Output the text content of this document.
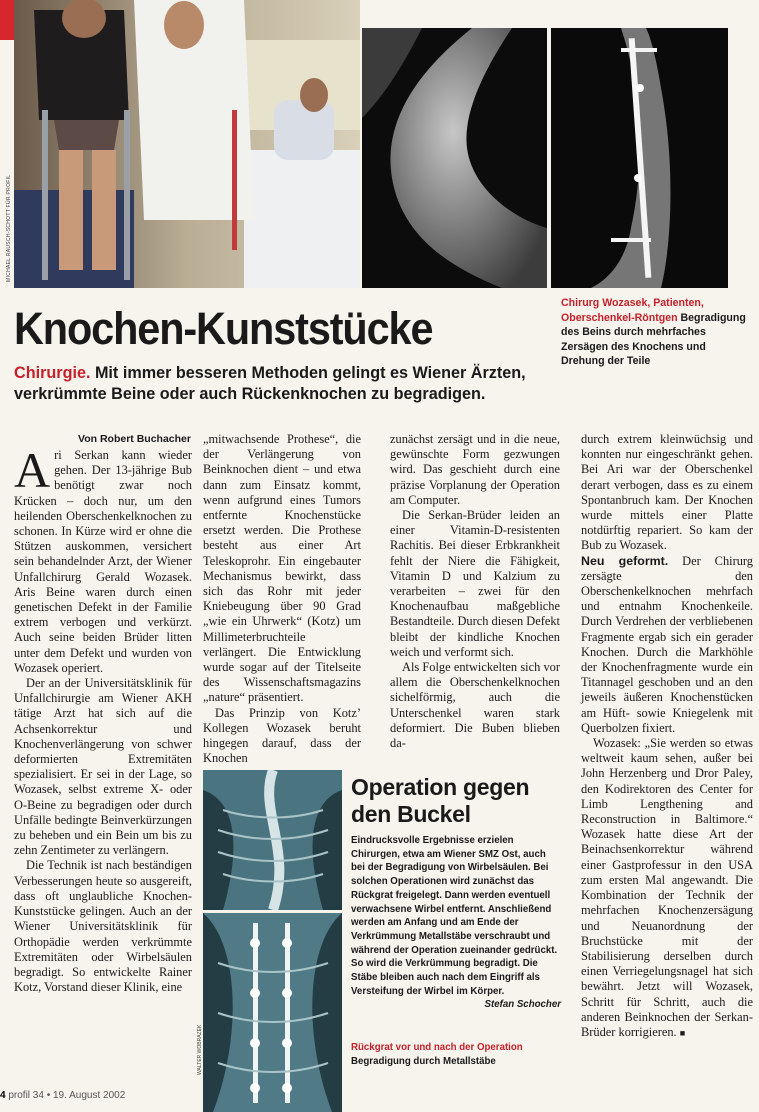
MICHAEL RAUSCH-SCHOTT FÜR PROFIL
Chirurg Wozasek, Patienten, Oberschenkel-Röntgen Begradigung des Beins durch mehrfaches Zersägen des Knochens und Drehung der Teile
Knochen-Kunststücke
Chirurgie. Mit immer besseren Methoden gelingt es Wiener Ärzten, verkrümmte Beine oder auch Rückenknochen zu begradigen.
Von Robert Buchacher

Ari Serkan kann wieder gehen. Der 13-jährige Bub benötigt zwar noch Krücken – doch nur, um den heilenden Oberschenkelknochen zu schonen. In Kürze wird er ohne die Stützen auskommen, versichert sein behandelnder Arzt, der Wiener Unfallchirurg Gerald Wozasek. Aris Beine waren durch einen genetischen Defekt in der Familie extrem verbogen und verkürzt. Auch seine beiden Brüder litten unter dem Defekt und wurden von Wozasek operiert.

Der an der Universitätsklinik für Unfallchirurgie am Wiener AKH tätige Arzt hat sich auf die Achsenkorrektur und Knochenverlängerung von schwer deformierten Extremitäten spezialisiert. Er sei in der Lage, so Wozasek, selbst extreme X- oder O-Beine zu begradigen oder durch Unfälle bedingte Beinverkürzungen zu beheben und ein Bein um bis zu zehn Zentimeter zu verlängern.

Die Technik ist nach beständigen Verbesserungen heute so ausgereift, dass oft unglaubliche Knochen-Kunststücke gelingen. Auch an der Wiener Universitätsklinik für Orthopädie werden verkrümmte Extremitäten oder Wirbelsäulen begradigt. So entwickelte Rainer Kotz, Vorstand dieser Klinik, eine

„mitwachsende Prothese“, die der Verlängerung von Beinknochen dient – und etwa dann zum Einsatz kommt, wenn aufgrund eines Tumors entfernte Knochenstücke ersetzt werden. Die Prothese besteht aus einer Art Teleskoprohr. Ein eingebauter Mechanismus bewirkt, dass sich das Rohr mit jeder Kniebeugung über 90 Grad „wie ein Uhrwerk“ (Kotz) um Millimeterbruchteile verlängert. Die Entwicklung wurde sogar auf der Titelseite des Wissenschaftsmagazins „nature“ präsentiert.

Das Prinzip von Kotz’ Kollegen Wozasek beruht hingegen darauf, dass der Knochen

zunächst zersägt und in die neue, gewünschte Form gezwungen wird. Das geschieht durch eine präzise Vorplanung der Operation am Computer.

Die Serkan-Brüder leiden an einer Vitamin-D-resistenten Rachitis. Bei dieser Erbkrankheit fehlt der Niere die Fähigkeit, Vitamin D und Kalzium zu verarbeiten – zwei für den Knochenaufbau maßgebliche Bestandteile. Durch diesen Defekt bleibt der kindliche Knochen weich und verformt sich.

Als Folge entwickelten sich vor allem die Oberschenkelknochen sichelförmig, auch die Unterschenkel waren stark deformiert. Die Buben blieben da-

durch extrem kleinwüchsig und konnten nur eingeschränkt gehen. Bei Ari war der Oberschenkel derart verbogen, dass es zu einem Spontanbruch kam. Der Knochen wurde mittels einer Platte notdürftig repariert. So kam der Bub zu Wozasek.

Neu geformt. Der Chirurg zersägte den Oberschenkelknochen mehrfach und entnahm Knochenkeile. Durch Verdrehen der verbliebenen Fragmente ergab sich ein gerader Knochen. Durch die Markhöhle der Knochenfragmente wurde ein Titannagel geschoben und an den jeweils äußeren Knochenstücken am Hüft- sowie Kniegelenk mit Querbolzen fixiert.

Wozasek: „Sie werden so etwas weltweit kaum sehen, außer bei John Herzenberg und Dror Paley, den Kodirektoren des Center for Limb Lengthening and Reconstruction in Baltimore.“ Wozasek hatte diese Art der Beinachsenkorrektur während einer Gastprofessur in den USA zum ersten Mal angewandt. Die Kombination der Technik der mehrfachen Knochenzersägung und Neuanordnung der Bruchstücke mit der Stabilisierung derselben durch einen Verriegelungsnagel hat sich bewährt. Jetzt will Wozasek, Schritt für Schritt, auch die anderen Beinknochen der Serkan-Brüder korrigieren. ■

WALTER WOBRAZEK
Operation gegen den Buckel
Eindrucksvolle Ergebnisse erzielen Chirurgen, etwa am Wiener SMZ Ost, auch bei der Begradigung von Wirbelsäulen. Bei solchen Operationen wird zunächst das Rückgrat freigelegt. Dann werden eventuell verwachsene Wirbel entfernt. Anschließend werden am Anfang und am Ende der Verkrümmung Metallstäbe verschraubt und während der Operation zueinander gedrückt. So wird die Verkrümmung begradigt. Die Stäbe bleiben auch nach dem Eingriff als Versteifung der Wirbel im Körper.
Stefan Schocher
Rückgrat vor und nach der Operation
Begradigung durch Metallstäbe
4 profil 34 • 19. August 2002
